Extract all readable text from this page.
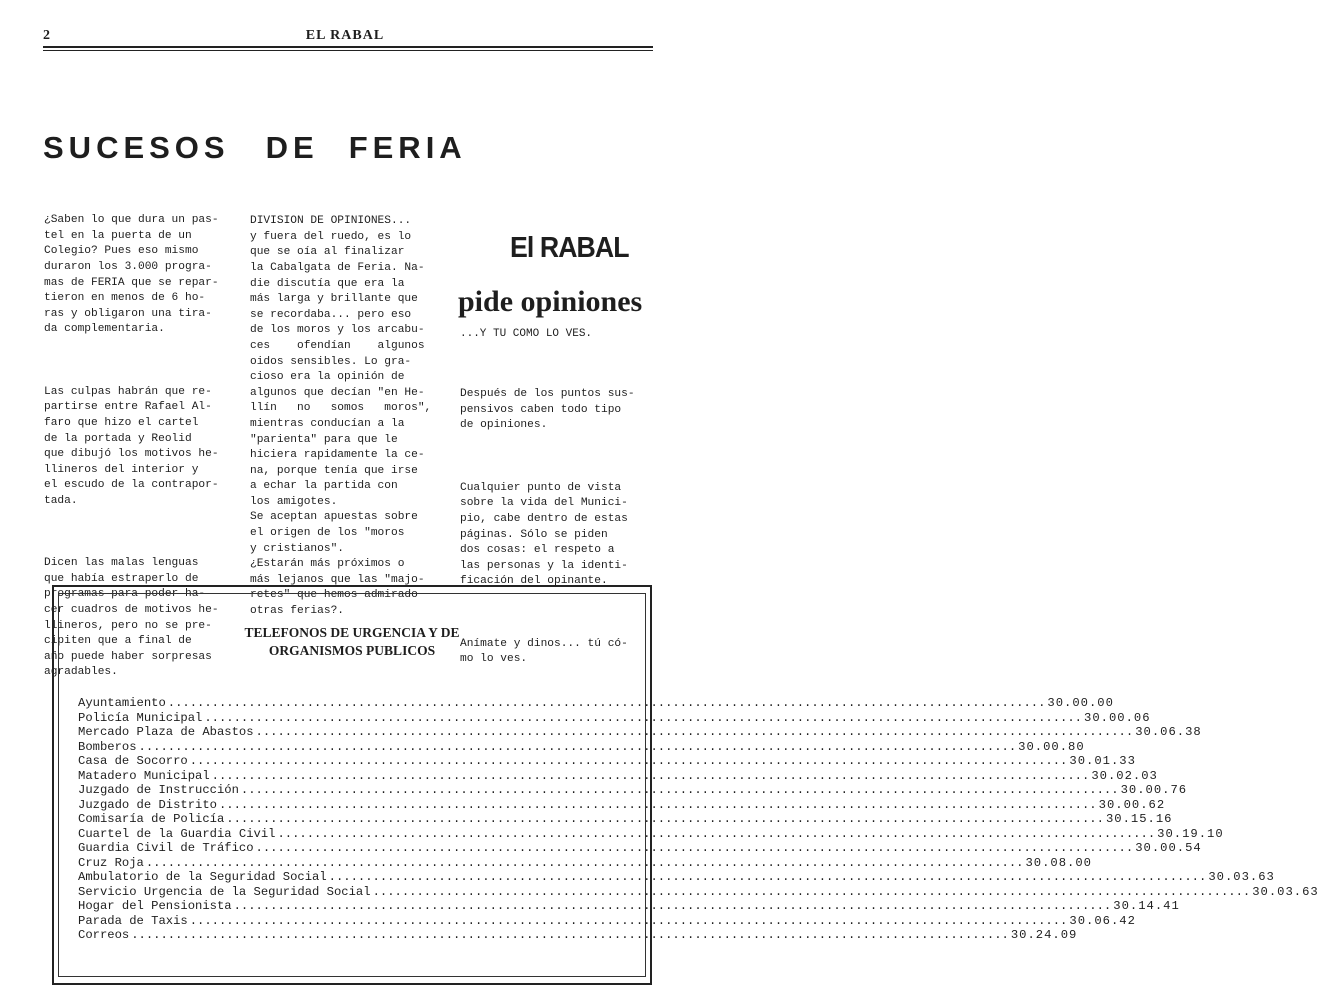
2	EL RABAL
SUCESOS DE FERIA

¿Saben lo que dura un pas-
tel en la puerta de un
Colegio? Pues eso mismo
duraron los 3.000 progra-
mas de FERIA que se repar-
tieron en menos de 6 ho-
ras y obligaron una tira-
da complementaria.

Las culpas habrán que re-
partirse entre Rafael Al-
faro que hizo el cartel
de la portada y Reolid
que dibujó los motivos he-
llineros del interior y
el escudo de la contrapor-
tada.

Dicen las malas lenguas
que había estraperlo de
programas para poder ha-
cer cuadros de motivos he-
llineros, pero no se pre-
cipiten que a final de
año puede haber sorpresas
agradables.

DIVISION DE OPINIONES...
y fuera del ruedo, es lo
que se oía al finalizar
la Cabalgata de Feria. Na-
die discutía que era la
más larga y brillante que
se recordaba... pero eso
de los moros y los arcabu-
ces    ofendían    algunos
oidos sensibles. Lo gra-
cioso era la opinión de
algunos que decían "en He-
llín   no   somos   moros",
mientras conducían a la
"parienta" para que le
hiciera rapidamente la ce-
na, porque tenía que irse
a echar la partida con
los amigotes.
Se aceptan apuestas sobre
el origen de los "moros
y cristianos".
¿Estarán más próximos o
más lejanos que las "majo-
retes" que hemos admirado
otras ferias?.

El RABAL
pide opiniones
...Y TU COMO LO VES.

Después de los puntos sus-
pensivos caben todo tipo
de opiniones.

Cualquier punto de vista
sobre la vida del Munici-
pio, cabe dentro de estas
páginas. Sólo se piden
dos cosas: el respeto a
las personas y la identi-
ficación del opinante.

Anímate y dinos... tú có-
mo lo ves.

TELEFONOS DE URGENCIA Y DE
ORGANISMOS PUBLICOS
Ayuntamiento ........................................................................................................................ 30.00.00
Policía Municipal ........................................................................................................................ 30.00.06
Mercado Plaza de Abastos ........................................................................................................................ 30.06.38
Bomberos ........................................................................................................................ 30.00.80
Casa de Socorro ........................................................................................................................ 30.01.33
Matadero Municipal ........................................................................................................................ 30.02.03
Juzgado de Instrucción ........................................................................................................................ 30.00.76
Juzgado de Distrito ........................................................................................................................ 30.00.62
Comisaría de Policía ........................................................................................................................ 30.15.16
Cuartel de la Guardia Civil ........................................................................................................................ 30.19.10
Guardia Civil de Tráfico ........................................................................................................................ 30.00.54
Cruz Roja ........................................................................................................................ 30.08.00
Ambulatorio de la Seguridad Social ........................................................................................................................ 30.03.63
Servicio Urgencia de la Seguridad Social ........................................................................................................................ 30.03.63
Hogar del Pensionista ........................................................................................................................ 30.14.41
Parada de Taxis ........................................................................................................................ 30.06.42
Correos ........................................................................................................................ 30.24.09
